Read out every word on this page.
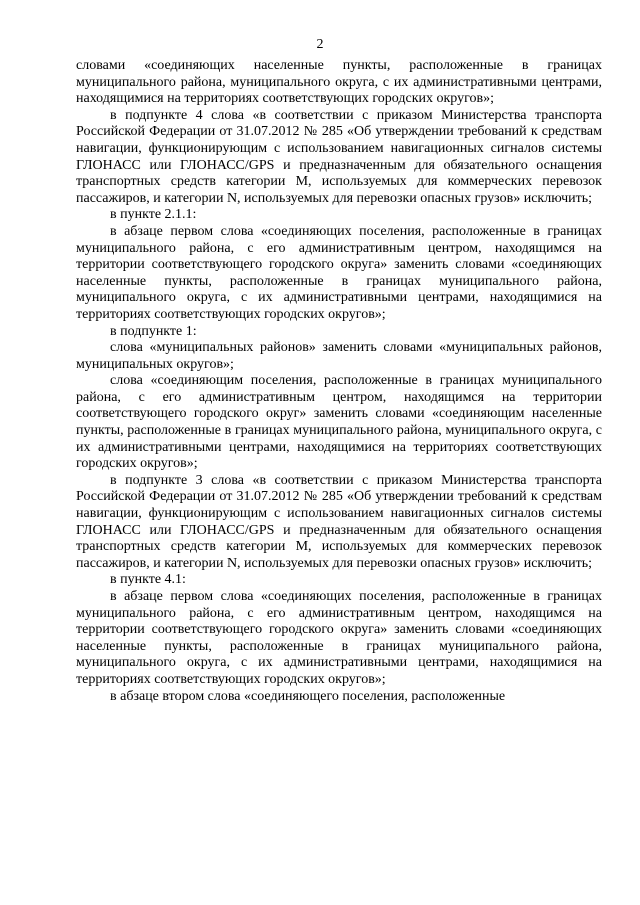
2

словами «соединяющих населенные пункты, расположенные в границах муниципального района, муниципального округа, с их административными центрами, находящимися на территориях соответствующих городских округов»;

в подпункте 4 слова «в соответствии с приказом Министерства транспорта Российской Федерации от 31.07.2012 № 285 «Об утверждении требований к средствам навигации, функционирующим с использованием навигационных сигналов системы ГЛОНАСС или ГЛОНАСС/GPS и предназначенным для обязательного оснащения транспортных средств категории M, используемых для коммерческих перевозок пассажиров, и категории N, используемых для перевозки опасных грузов» исключить;

в пункте 2.1.1:

в абзаце первом слова «соединяющих поселения, расположенные в границах муниципального района, с его административным центром, находящимся на территории соответствующего городского округа» заменить словами «соединяющих населенные пункты, расположенные в границах муниципального района, муниципального округа, с их административными центрами, находящимися на территориях соответствующих городских округов»;

в подпункте 1:

слова «муниципальных районов» заменить словами «муниципальных районов, муниципальных округов»;

слова «соединяющим поселения, расположенные в границах муниципального района, с его административным центром, находящимся на территории соответствующего городского округ» заменить словами «соединяющим населенные пункты, расположенные в границах муниципального района, муниципального округа, с их административными центрами, находящимися на территориях соответствующих городских округов»;

в подпункте 3 слова «в соответствии с приказом Министерства транспорта Российской Федерации от 31.07.2012 № 285 «Об утверждении требований к средствам навигации, функционирующим с использованием навигационных сигналов системы ГЛОНАСС или ГЛОНАСС/GPS и предназначенным для обязательного оснащения транспортных средств категории M, используемых для коммерческих перевозок пассажиров, и категории N, используемых для перевозки опасных грузов» исключить;

в пункте 4.1:

в абзаце первом слова «соединяющих поселения, расположенные в границах муниципального района, с его административным центром, находящимся на территории соответствующего городского округа» заменить словами «соединяющих населенные пункты, расположенные в границах муниципального района, муниципального округа, с их административными центрами, находящимися на территориях соответствующих городских округов»;

в абзаце втором слова «соединяющего поселения, расположенные
